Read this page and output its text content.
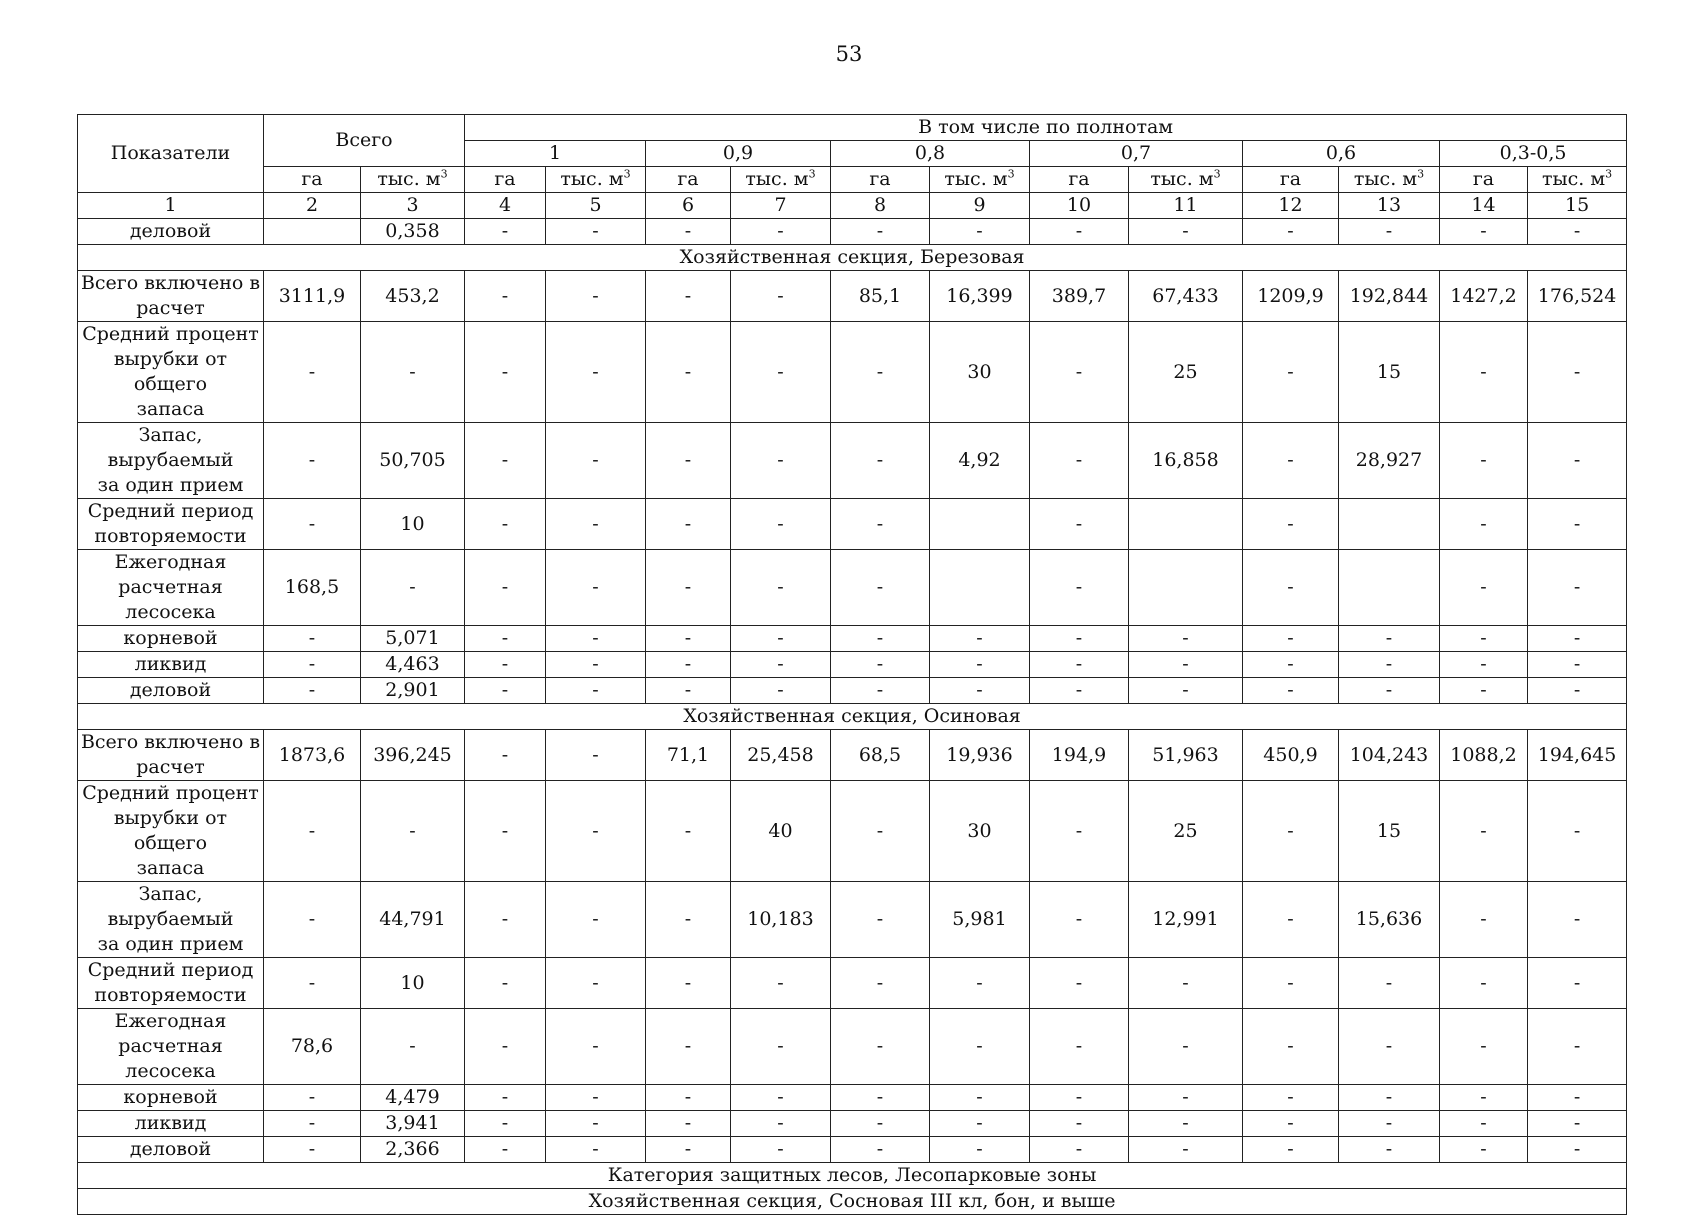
53
Показатели	Всего		В том числе по полнотам											
			1		0,9		0,8		0,7		0,6		0,3-0,5	
	га	тыс. $м^3$	га	тыс. $м^3$	га	тыс. $м^3$	га	тыс. $м^3$	га	тыс. $м^3$	га	тыс. $м^3$	га	тыс. $м^3$
1	2	3	4	5	6	7	8	9	10	11	12	13	14	15
деловой		0,358	-	-	-	-	-	-	-	-	-	-	-	-
Хозяйственная секция, Березовая														
Всего включено в
расчет	3111,9	453,2	-	-	-	-	85,1	16,399	389,7	67,433	1209,9	192,844	1427,2	176,524
Средний процент
вырубки от общего
запаса	-	-	-	-	-	-	-	30	-	25	-	15	-	-
Запас, вырубаемый
за один прием	-	50,705	-	-	-	-	-	4,92	-	16,858	-	28,927	-	-
Средний период
повторяемости	-	10	-	-	-	-	-		-		-		-	-
Ежегодная
расчетная лесосека	168,5	-	-	-	-	-	-		-		-		-	-
корневой	-	5,071	-	-	-	-	-	-	-	-	-	-	-	-
ликвид	-	4,463	-	-	-	-	-	-	-	-	-	-	-	-
деловой	-	2,901	-	-	-	-	-	-	-	-	-	-	-	-
Хозяйственная секция, Осиновая														
Всего включено в
расчет	1873,6	396,245	-	-	71,1	25,458	68,5	19,936	194,9	51,963	450,9	104,243	1088,2	194,645
Средний процент
вырубки от общего
запаса	-	-	-	-	-	40	-	30	-	25	-	15	-	-
Запас, вырубаемый
за один прием	-	44,791	-	-	-	10,183	-	5,981	-	12,991	-	15,636	-	-
Средний период
повторяемости	-	10	-	-	-	-	-	-	-	-	-	-	-	-
Ежегодная
расчетная лесосека	78,6	-	-	-	-	-	-	-	-	-	-	-	-	-
корневой	-	4,479	-	-	-	-	-	-	-	-	-	-	-	-
ликвид	-	3,941	-	-	-	-	-	-	-	-	-	-	-	-
деловой	-	2,366	-	-	-	-	-	-	-	-	-	-	-	-
Категория защитных лесов, Лесопарковые зоны														
Хозяйственная секция, Сосновая III кл, бон, и выше														
